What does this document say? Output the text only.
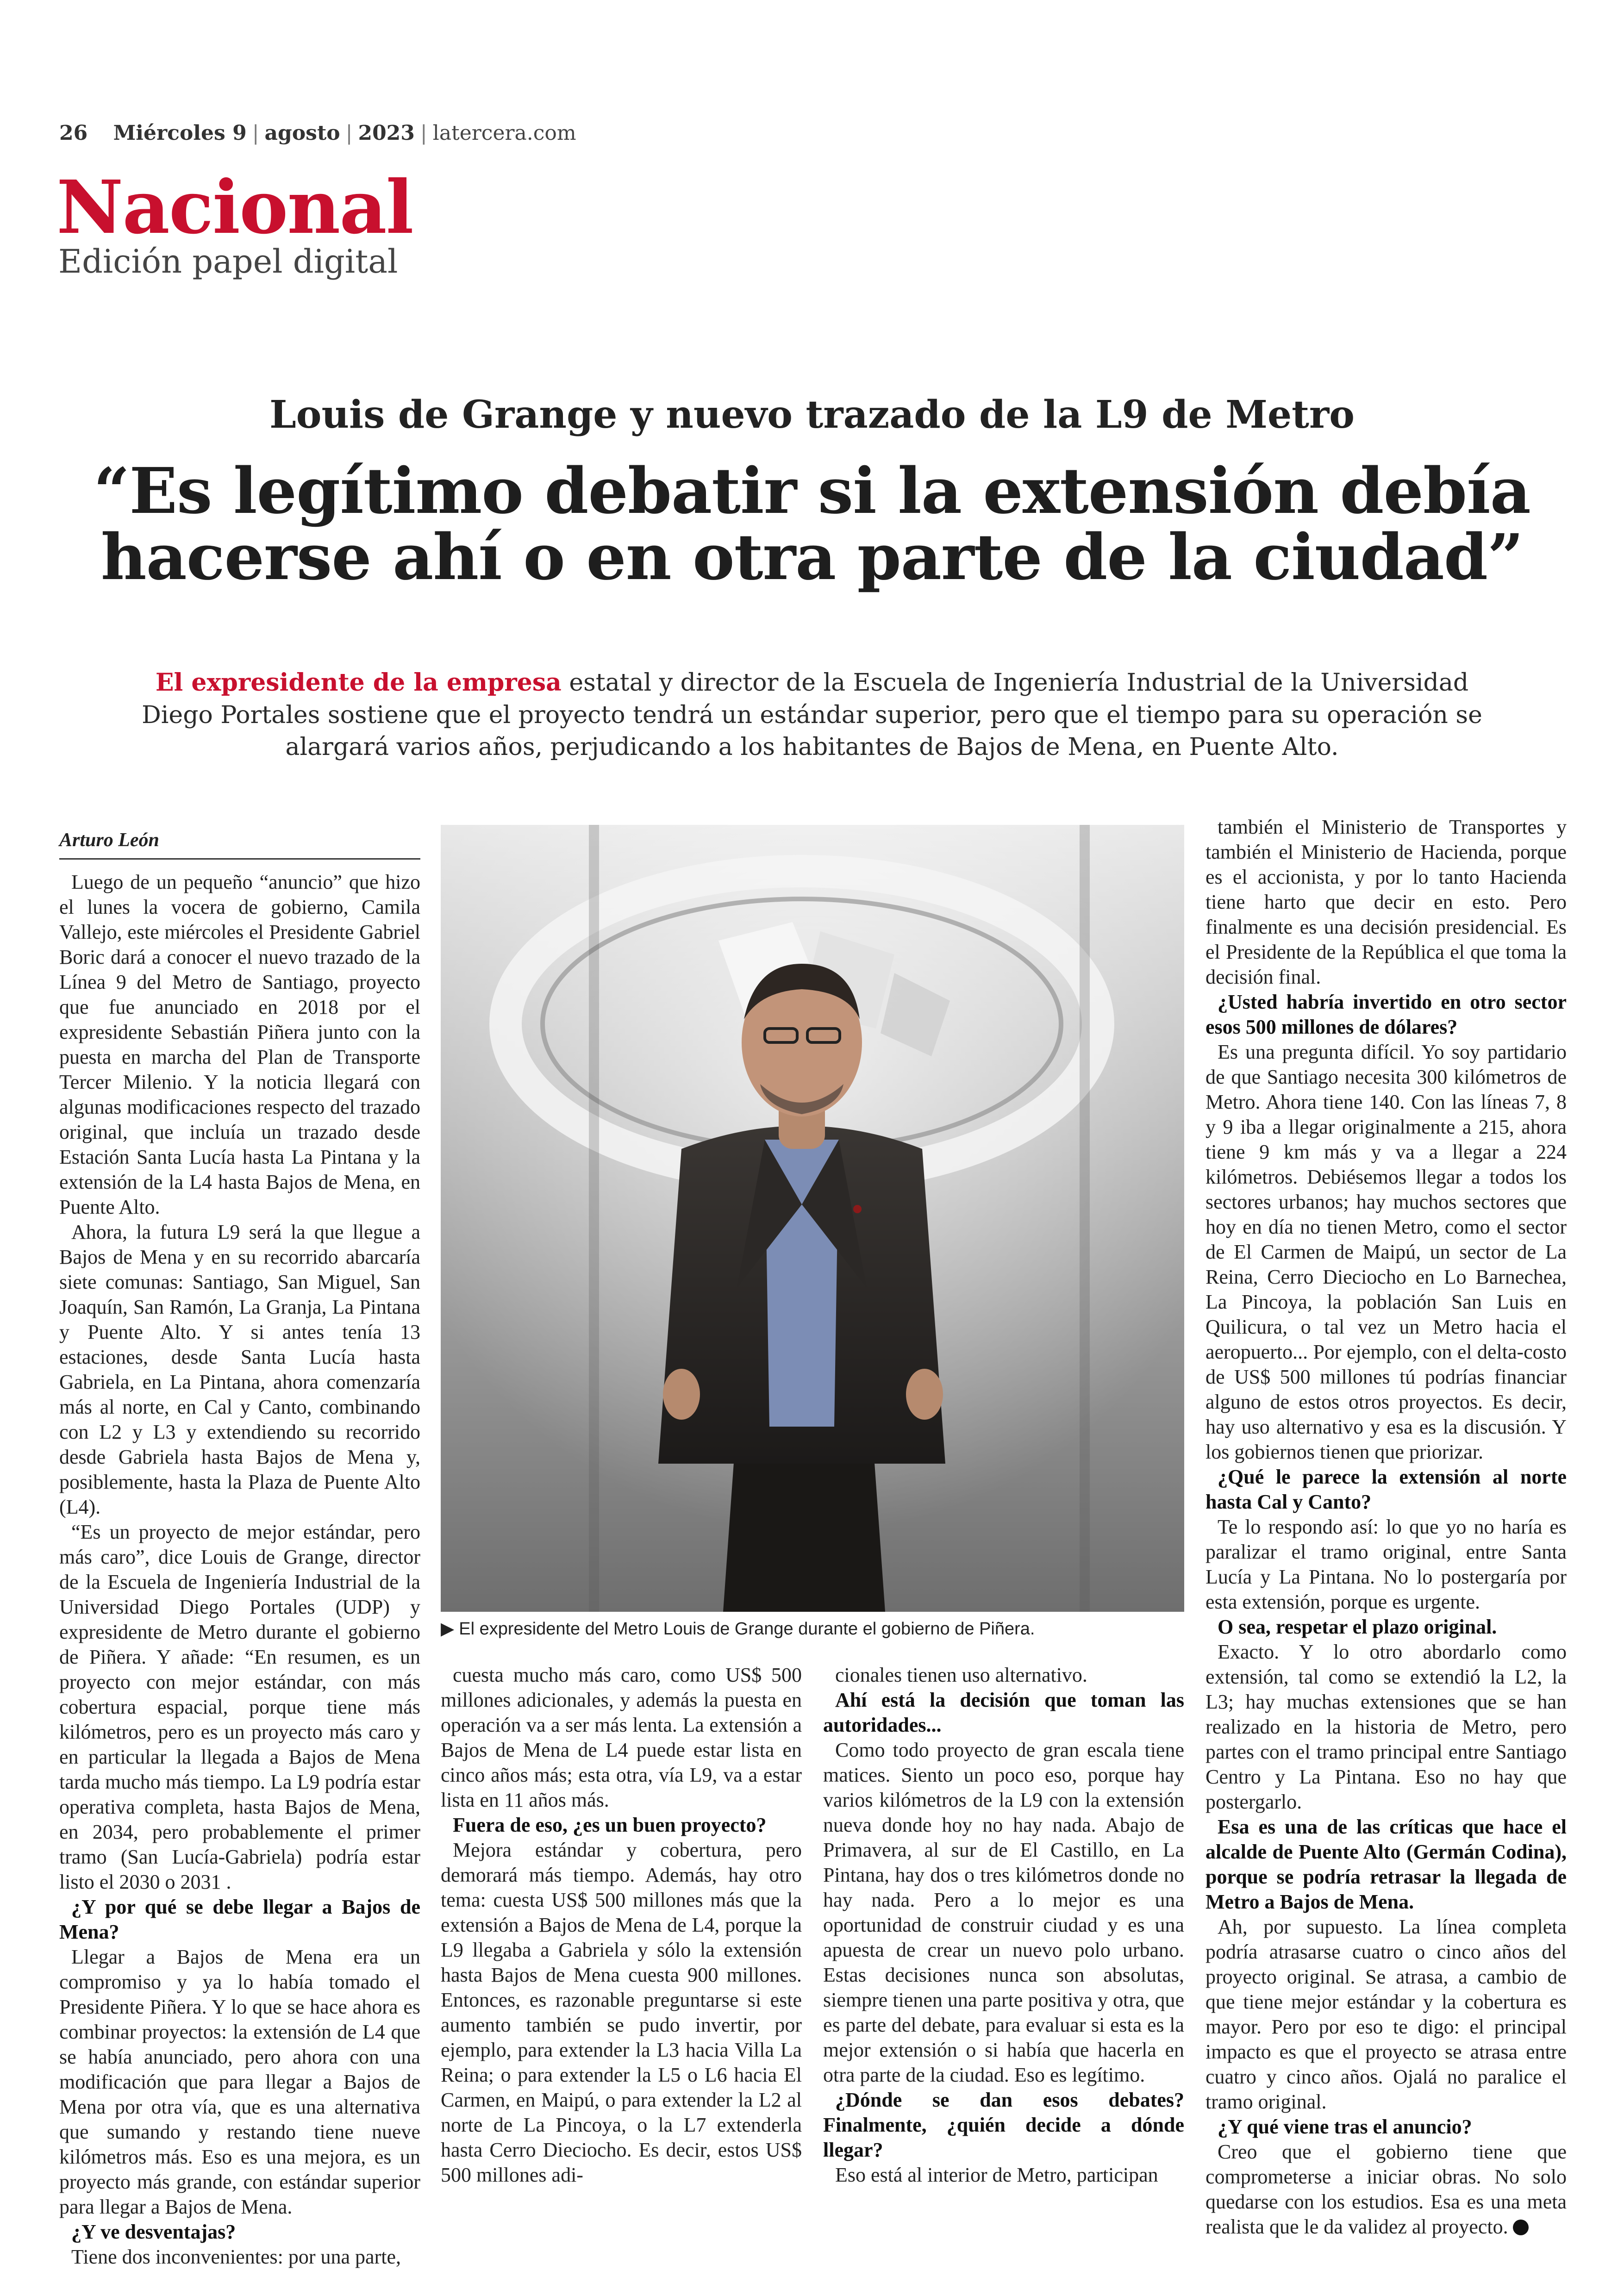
26 Miércoles 9 | agosto | 2023 | latercera.com
Nacional
Edición papel digital
Louis de Grange y nuevo trazado de la L9 de Metro
“Es legítimo debatir si la extensión debía hacerse ahí o en otra parte de la ciudad”

El expresidente de la empresa estatal y director de la Escuela de Ingeniería Industrial de la Universidad Diego Portales sostiene que el proyecto tendrá un estándar superior, pero que el tiempo para su operación se alargará varios años, perjudicando a los habitantes de Bajos de Mena, en Puente Alto.

Arturo León

Luego de un pequeño “anuncio” que hizo el lunes la vocera de gobierno, Camila Vallejo, este miércoles el Presidente Gabriel Boric dará a conocer el nuevo trazado de la Línea 9 del Metro de Santiago, proyecto que fue anunciado en 2018 por el expresidente Sebastián Piñera junto con la puesta en marcha del Plan de Transporte Tercer Milenio. Y la noticia llegará con algunas modificaciones respecto del trazado original, que incluía un trazado desde Estación Santa Lucía hasta La Pintana y la extensión de la L4 hasta Bajos de Mena, en Puente Alto.

Ahora, la futura L9 será la que llegue a Bajos de Mena y en su recorrido abarcaría siete comunas: Santiago, San Miguel, San Joaquín, San Ramón, La Granja, La Pintana y Puente Alto. Y si antes tenía 13 estaciones, desde Santa Lucía hasta Gabriela, en La Pintana, ahora comenzaría más al norte, en Cal y Canto, combinando con L2 y L3 y extendiendo su recorrido desde Gabriela hasta Bajos de Mena y, posiblemente, hasta la Plaza de Puente Alto (L4).

“Es un proyecto de mejor estándar, pero más caro”, dice Louis de Grange, director de la Escuela de Ingeniería Industrial de la Universidad Diego Portales (UDP) y expresidente de Metro durante el gobierno de Piñera. Y añade: “En resumen, es un proyecto con mejor estándar, con más cobertura espacial, porque tiene más kilómetros, pero es un proyecto más caro y en particular la llegada a Bajos de Mena tarda mucho más tiempo. La L9 podría estar operativa completa, hasta Bajos de Mena, en 2034, pero probablemente el primer tramo (San Lucía-Gabriela) podría estar listo el 2030 o 2031 .

¿Y por qué se debe llegar a Bajos de Mena?

Llegar a Bajos de Mena era un compromiso y ya lo había tomado el Presidente Piñera. Y lo que se hace ahora es combinar proyectos: la extensión de L4 que se había anunciado, pero ahora con una modificación que para llegar a Bajos de Mena por otra vía, que es una alternativa que sumando y restando tiene nueve kilómetros más. Eso es una mejora, es un proyecto más grande, con estándar superior para llegar a Bajos de Mena.

¿Y ve desventajas?

Tiene dos inconvenientes: por una parte,

▶ El expresidente del Metro Louis de Grange durante el gobierno de Piñera.

cuesta mucho más caro, como US$ 500 millones adicionales, y además la puesta en operación va a ser más lenta. La extensión a Bajos de Mena de L4 puede estar lista en cinco años más; esta otra, vía L9, va a estar lista en 11 años más.

Fuera de eso, ¿es un buen proyecto?

Mejora estándar y cobertura, pero demorará más tiempo. Además, hay otro tema: cuesta US$ 500 millones más que la extensión a Bajos de Mena de L4, porque la L9 llegaba a Gabriela y sólo la extensión hasta Bajos de Mena cuesta 900 millones. Entonces, es razonable preguntarse si este aumento también se pudo invertir, por ejemplo, para extender la L3 hacia Villa La Reina; o para extender la L5 o L6 hacia El Carmen, en Maipú, o para extender la L2 al norte de La Pincoya, o la L7 extenderla hasta Cerro Dieciocho. Es decir, estos US$ 500 millones adi-

cionales tienen uso alternativo.

Ahí está la decisión que toman las autoridades...

Como todo proyecto de gran escala tiene matices. Siento un poco eso, porque hay varios kilómetros de la L9 con la extensión nueva donde hoy no hay nada. Abajo de Primavera, al sur de El Castillo, en La Pintana, hay dos o tres kilómetros donde no hay nada. Pero a lo mejor es una oportunidad de construir ciudad y es una apuesta de crear un nuevo polo urbano. Estas decisiones nunca son absolutas, siempre tienen una parte positiva y otra, que es parte del debate, para evaluar si esta es la mejor extensión o si había que hacerla en otra parte de la ciudad. Eso es legítimo.

¿Dónde se dan esos debates? Finalmente, ¿quién decide a dónde llegar?

Eso está al interior de Metro, participan

también el Ministerio de Transportes y también el Ministerio de Hacienda, porque es el accionista, y por lo tanto Hacienda tiene harto que decir en esto. Pero finalmente es una decisión presidencial. Es el Presidente de la República el que toma la decisión final.

¿Usted habría invertido en otro sector esos 500 millones de dólares?

Es una pregunta difícil. Yo soy partidario de que Santiago necesita 300 kilómetros de Metro. Ahora tiene 140. Con las líneas 7, 8 y 9 iba a llegar originalmente a 215, ahora tiene 9 km más y va a llegar a 224 kilómetros. Debiésemos llegar a todos los sectores urbanos; hay muchos sectores que hoy en día no tienen Metro, como el sector de El Carmen de Maipú, un sector de La Reina, Cerro Dieciocho en Lo Barnechea, La Pincoya, la población San Luis en Quilicura, o tal vez un Metro hacia el aeropuerto... Por ejemplo, con el delta-costo de US$ 500 millones tú podrías financiar alguno de estos otros proyectos. Es decir, hay uso alternativo y esa es la discusión. Y los gobiernos tienen que priorizar.

¿Qué le parece la extensión al norte hasta Cal y Canto?

Te lo respondo así: lo que yo no haría es paralizar el tramo original, entre Santa Lucía y La Pintana. No lo postergaría por esta extensión, porque es urgente.

O sea, respetar el plazo original.

Exacto. Y lo otro abordarlo como extensión, tal como se extendió la L2, la L3; hay muchas extensiones que se han realizado en la historia de Metro, pero partes con el tramo principal entre Santiago Centro y La Pintana. Eso no hay que postergarlo.

Esa es una de las críticas que hace el alcalde de Puente Alto (Germán Codina), porque se podría retrasar la llegada de Metro a Bajos de Mena.

Ah, por supuesto. La línea completa podría atrasarse cuatro o cinco años del proyecto original. Se atrasa, a cambio de que tiene mejor estándar y la cobertura es mayor. Pero por eso te digo: el principal impacto es que el proyecto se atrasa entre cuatro y cinco años. Ojalá no paralice el tramo original.

¿Y qué viene tras el anuncio?

Creo que el gobierno tiene que comprometerse a iniciar obras. No solo quedarse con los estudios. Esa es una meta realista que le da validez al proyecto.
